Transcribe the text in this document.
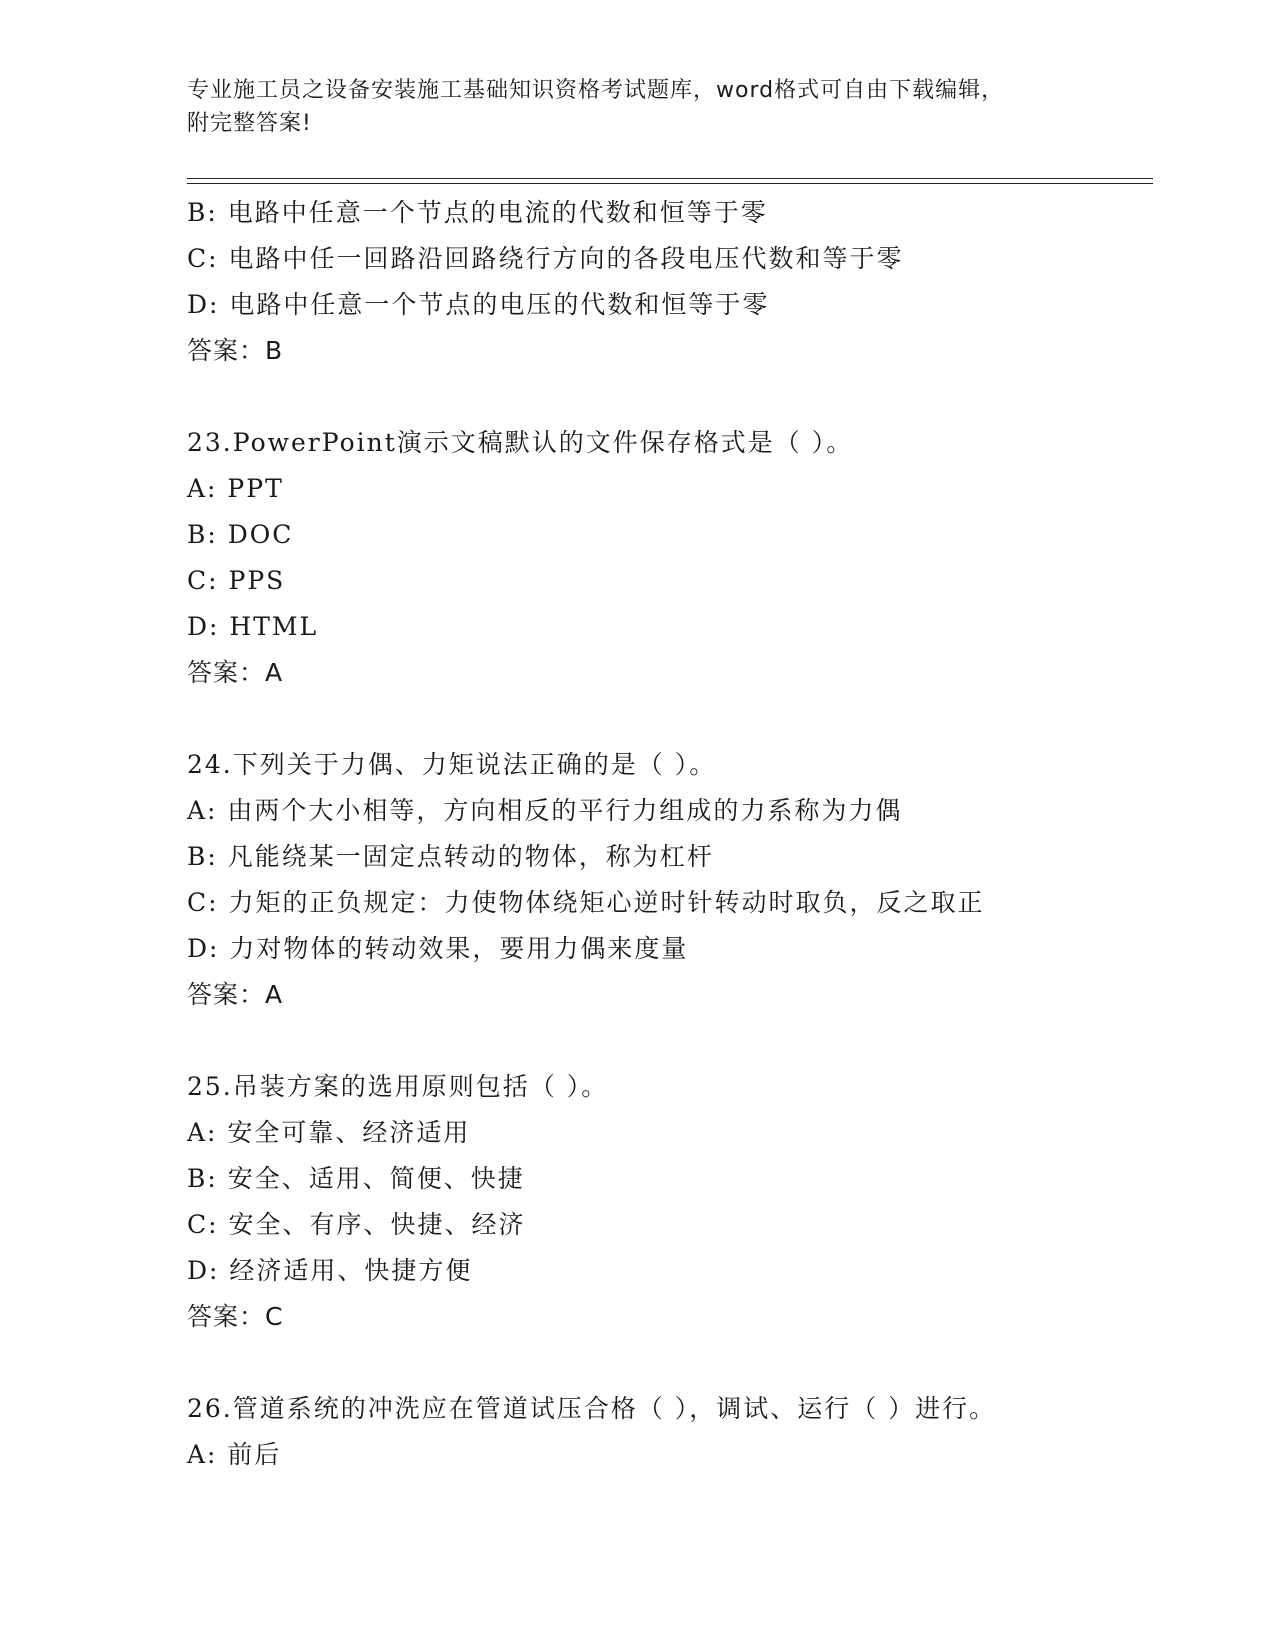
专业施工员之设备安装施工基础知识资格考试题库，word格式可自由下载编辑，
附完整答案!
B: 电路中任意一个节点的电流的代数和恒等于零
C: 电路中任一回路沿回路绕行方向的各段电压代数和等于零
D: 电路中任意一个节点的电压的代数和恒等于零
答案：B
23.PowerPoint演示文稿默认的文件保存格式是（ ）。
A: PPT
B: DOC
C: PPS
D: HTML
答案：A
24.下列关于力偶、力矩说法正确的是（ ）。
A: 由两个大小相等，方向相反的平行力组成的力系称为力偶
B: 凡能绕某一固定点转动的物体，称为杠杆
C: 力矩的正负规定：力使物体绕矩心逆时针转动时取负，反之取正
D: 力对物体的转动效果，要用力偶来度量
答案：A
25.吊装方案的选用原则包括（ ）。
A: 安全可靠、经济适用
B: 安全、适用、简便、快捷
C: 安全、有序、快捷、经济
D: 经济适用、快捷方便
答案：C
26.管道系统的冲洗应在管道试压合格（ ），调试、运行（ ）进行。
A: 前后
